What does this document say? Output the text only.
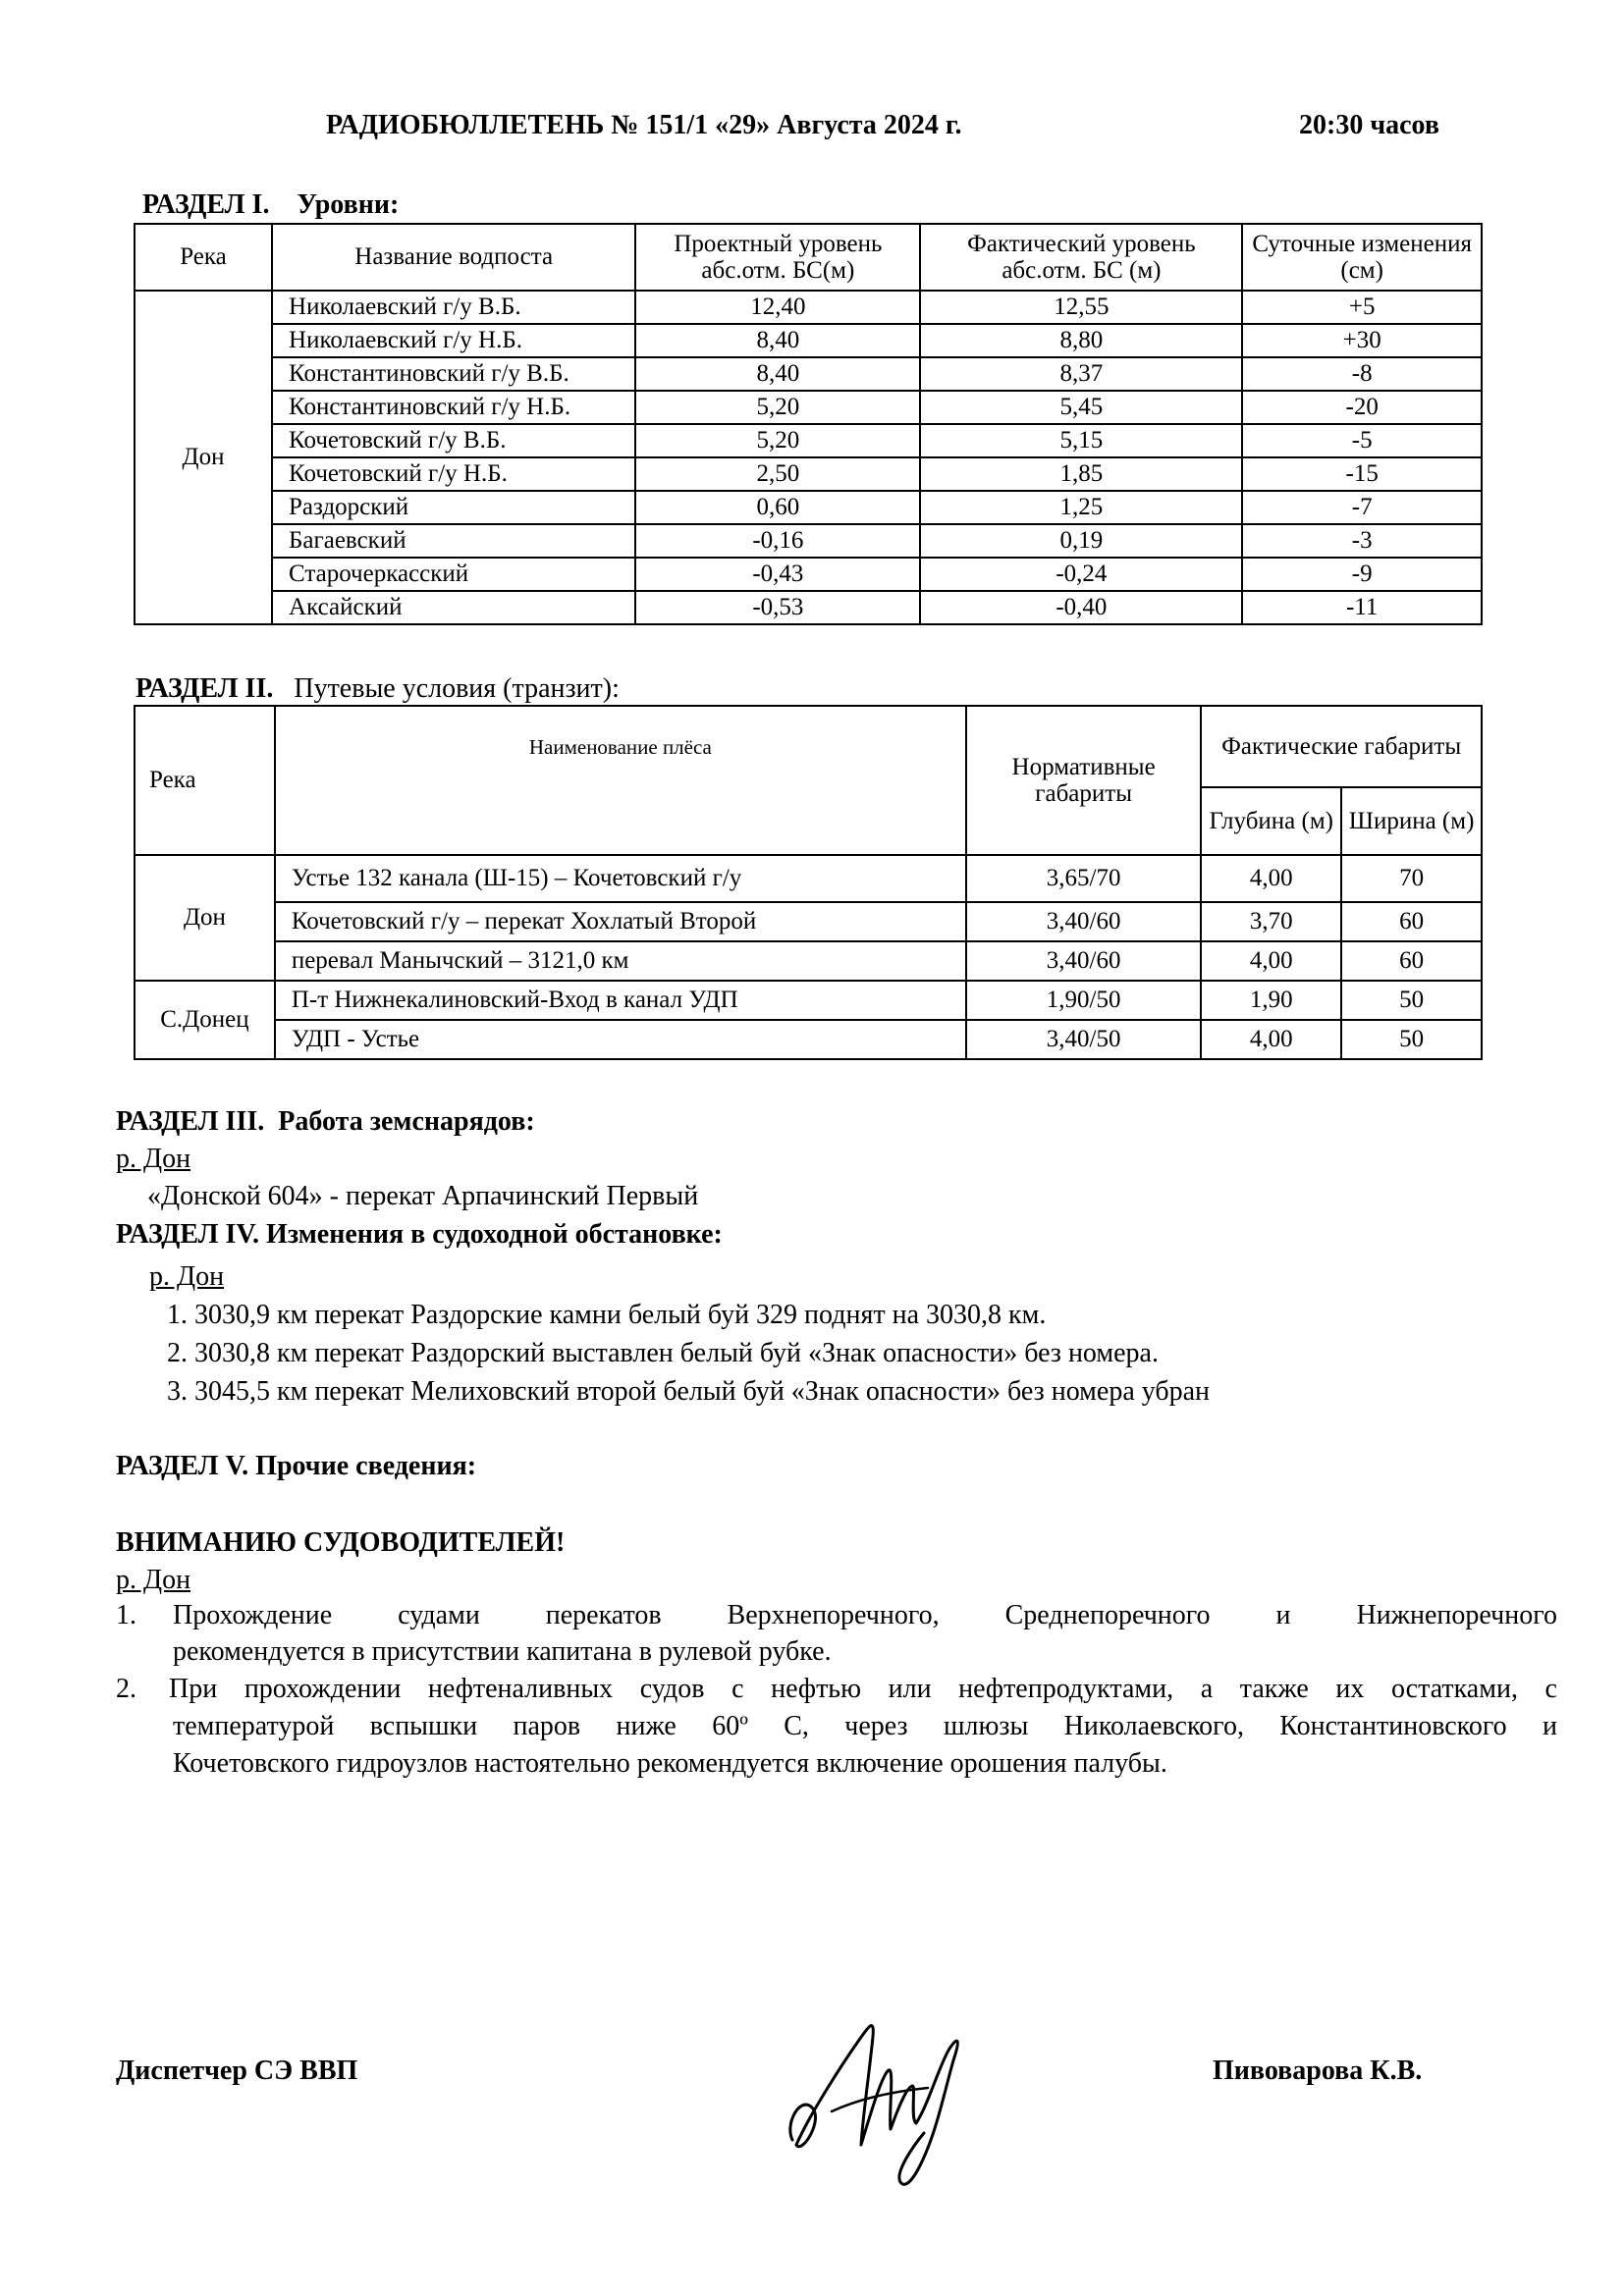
РАДИОБЮЛЛЕТЕНЬ № 151/1 «29» Августа 2024 г.	20:30 часов
РАЗДЕЛ I.    Уровни:
Река	Название водпоста	Проектный уровень абс.отм. БС(м)	Фактический уровень абс.отм. БС (м)	Суточные изменения (см)
Дон	Николаевский г/у В.Б.	12,40	12,55	+5
	Николаевский г/у Н.Б.	8,40	8,80	+30
	Константиновский г/у В.Б.	8,40	8,37	-8
	Константиновский г/у Н.Б.	5,20	5,45	-20
	Кочетовский г/у В.Б.	5,20	5,15	-5
	Кочетовский г/у Н.Б.	2,50	1,85	-15
	Раздорский	0,60	1,25	-7
	Багаевский	-0,16	0,19	-3
	Старочеркасский	-0,43	-0,24	-9
	Аксайский	-0,53	-0,40	-11
РАЗДЕЛ II. Путевые условия (транзит):
Река	Наименование плёса	Нормативные габариты	Фактические габариты	
			Глубина (м)	Ширина (м)
Дон	Устье 132 канала (Ш-15) – Кочетовский г/у	3,65/70	4,00	70
	Кочетовский г/у – перекат Хохлатый Второй	3,40/60	3,70	60
	перевал Манычский – 3121,0 км	3,40/60	4,00	60
С.Донец	П-т Нижнекалиновский-Вход в канал УДП	1,90/50	1,90	50
	УДП - Устье	3,40/50	4,00	50
РАЗДЕЛ III.  Работа земснарядов:
р. Дон
«Донской 604» - перекат Арпачинский Первый
РАЗДЕЛ IV. Изменения в судоходной обстановке:
р. Дон
1. 3030,9 км перекат Раздорские камни белый буй 329 поднят на 3030,8 км.
2. 3030,8 км перекат Раздорский выставлен белый буй «Знак опасности» без номера.
3. 3045,5 км перекат Мелиховский второй белый буй «Знак опасности» без номера убран
РАЗДЕЛ V. Прочие сведения:
ВНИМАНИЮ СУДОВОДИТЕЛЕЙ!
р. Дон
1. Прохождение судами перекатов Верхнепоречного, Среднепоречного и Нижнепоречного
рекомендуется в присутствии капитана в рулевой рубке.
2. При прохождении нефтеналивных судов с нефтью или нефтепродуктами, а также их остатками, с
температурой вспышки паров ниже 60º С, через шлюзы Николаевского, Константиновского и
Кочетовского гидроузлов настоятельно рекомендуется включение орошения палубы.
Диспетчер СЭ ВВП	Пивоварова К.В.
